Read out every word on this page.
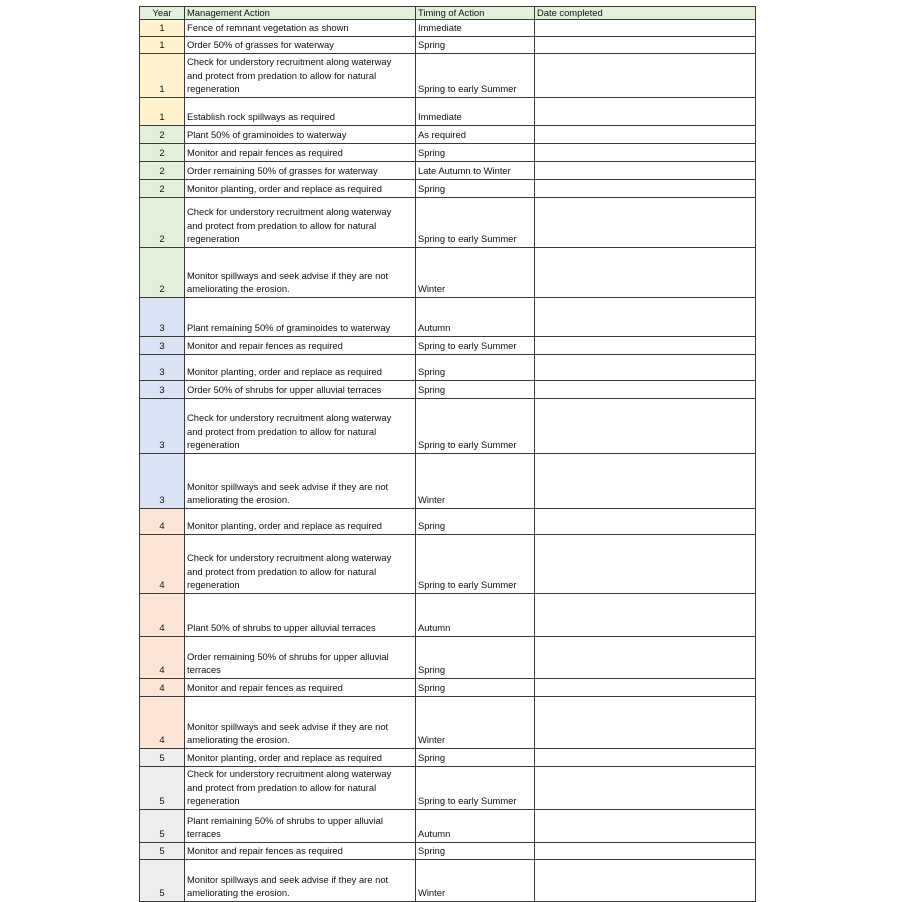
Year	Management Action	Timing of Action	Date completed
1	Fence of remnant vegetation as shown	Immediate	
1	Order 50% of grasses for waterway	Spring	
1	Check for understory recruitment along waterway
and protect from predation to allow for natural
regeneration	Spring to early Summer	
1	Establish rock spillways as required	Immediate	
2	Plant 50% of graminoides to waterway	As required	
2	Monitor and repair fences as required	Spring	
2	Order remaining 50% of grasses for waterway	Late Autumn to Winter	
2	Monitor planting, order and replace as required	Spring	
2	Check for understory recruitment along waterway
and protect from predation to allow for natural
regeneration	Spring to early Summer	
2	Monitor spillways and seek advise if they are not
ameliorating the erosion.	Winter	
3	Plant remaining 50% of graminoides to waterway	Autumn	
3	Monitor and repair fences as required	Spring to early Summer	
3	Monitor planting, order and replace as required	Spring	
3	Order 50% of shrubs for upper alluvial terraces	Spring	
3	Check for understory recruitment along waterway
and protect from predation to allow for natural
regeneration	Spring to early Summer	
3	Monitor spillways and seek advise if they are not
ameliorating the erosion.	Winter	
4	Monitor planting, order and replace as required	Spring	
4	Check for understory recruitment along waterway
and protect from predation to allow for natural
regeneration	Spring to early Summer	
4	Plant 50% of shrubs to upper alluvial terraces	Autumn	
4	Order remaining 50% of shrubs for upper alluvial
terraces	Spring	
4	Monitor and repair fences as required	Spring	
4	Monitor spillways and seek advise if they are not
ameliorating the erosion.	Winter	
5	Monitor planting, order and replace as required	Spring	
5	Check for understory recruitment along waterway
and protect from predation to allow for natural
regeneration	Spring to early Summer	
5	Plant remaining 50% of shrubs to upper alluvial
terraces	Autumn	
5	Monitor and repair fences as required	Spring	
5	Monitor spillways and seek advise if they are not
ameliorating the erosion.	Winter	
